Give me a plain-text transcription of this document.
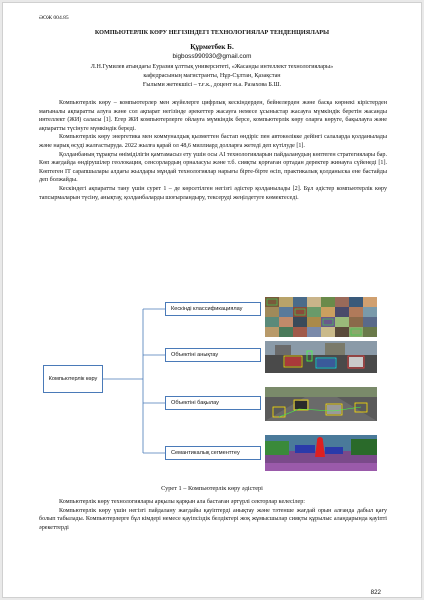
ӘОЖ 004.85
КОМПЬЮТЕРЛІК КӨРУ НЕГІЗІНДЕГІ ТЕХНОЛОГИЯЛАР ТЕНДЕНЦИЯЛАРЫ
Құрметбек Б.
bigboss990930@gmail.com
Л.Н.Гумилев атындағы Еуразия ұлттық университеті, «Жасанды интеллект технологиялары»
кафедрасының магистранты, Нұр-Сұлтан, Қазақстан
Ғылыми жетекшісі – т.ғ.к., доцент м.а. Разахова Б.Ш.

Компьютерлік көру – компьютерлер мен жүйелерге цифрлық кескіндерден, бейнелерден және басқа көрнекі кірістерден мағыналы ақпаратты алуға және сол ақпарат негізінде әрекеттер жасауға немесе ұсыныстар жасауға мүмкіндік беретін жасанды интеллект (ЖИ) саласы [1]. Егер ЖИ компьютерлерге ойлауға мүмкіндік берсе, компьютерлік көру оларға көруге, бақылауға және ақпаратты түсінуге мүмкіндік береді.

Компьютерлік көру энергетика мен коммуналдық қызметтен бастап өндіріс пен автокөлікке дейінгі салаларда қолданылады және нарық өсуді жалғастыруда. 2022 жылға қарай ол 48,6 миллиард долларға жетеді деп күтілуде [1].

Қолданбаның тұрақты өніміділігін қамтамасыз ету үшін осы АІ технологияларын пайдаланудың көптеген стратегиялары бар. Көп жағдайда өндірушілер геолокация, сенсорлардың орналасуы және т.б. сияқты қорғаған ортадан деректер жинауға сүйенеді [1]. Көптеген IT сарапшылары алдағы жылдары мұндай технологиялар нарығы бірте-бірте өсіп, практикалық қолданыска ене бастайды деп болжайды.

Кескіндегі ақпаратты тану үшін сурет 1 – де көрсетілген негізгі әдістер қолданылады [2]. Бұл әдістер компьютерлік көру тапсырмаларын түсіну, анықтау, қолданбаларды шоғырландыру, тексеруді жеңілдетуге көмектеседі.

Компьютерлік көру
Кескінді классификациялау
Объектіні анықтау
Объектіні бақылау
Семантикалық сегменттеу
Сурет 1 – Компьютерлік көру әдістері

Компьютерлік көру технологиялары арқылы қарқын ала бастаған әртүрлі секторлар келесілер:

Компьютерлік көру үшін негізгі пайдалану жағдайы қауіптерді анықтау және тәтенше жағдай орын алғанда дабыл қағу болып табылады. Компьютерлерге бұл кімдері немесе қауіпсіздік белдіктері жоқ жұмысшылар сияқты құрылыс алаңдарында қауіпті әрекеттерді

822
